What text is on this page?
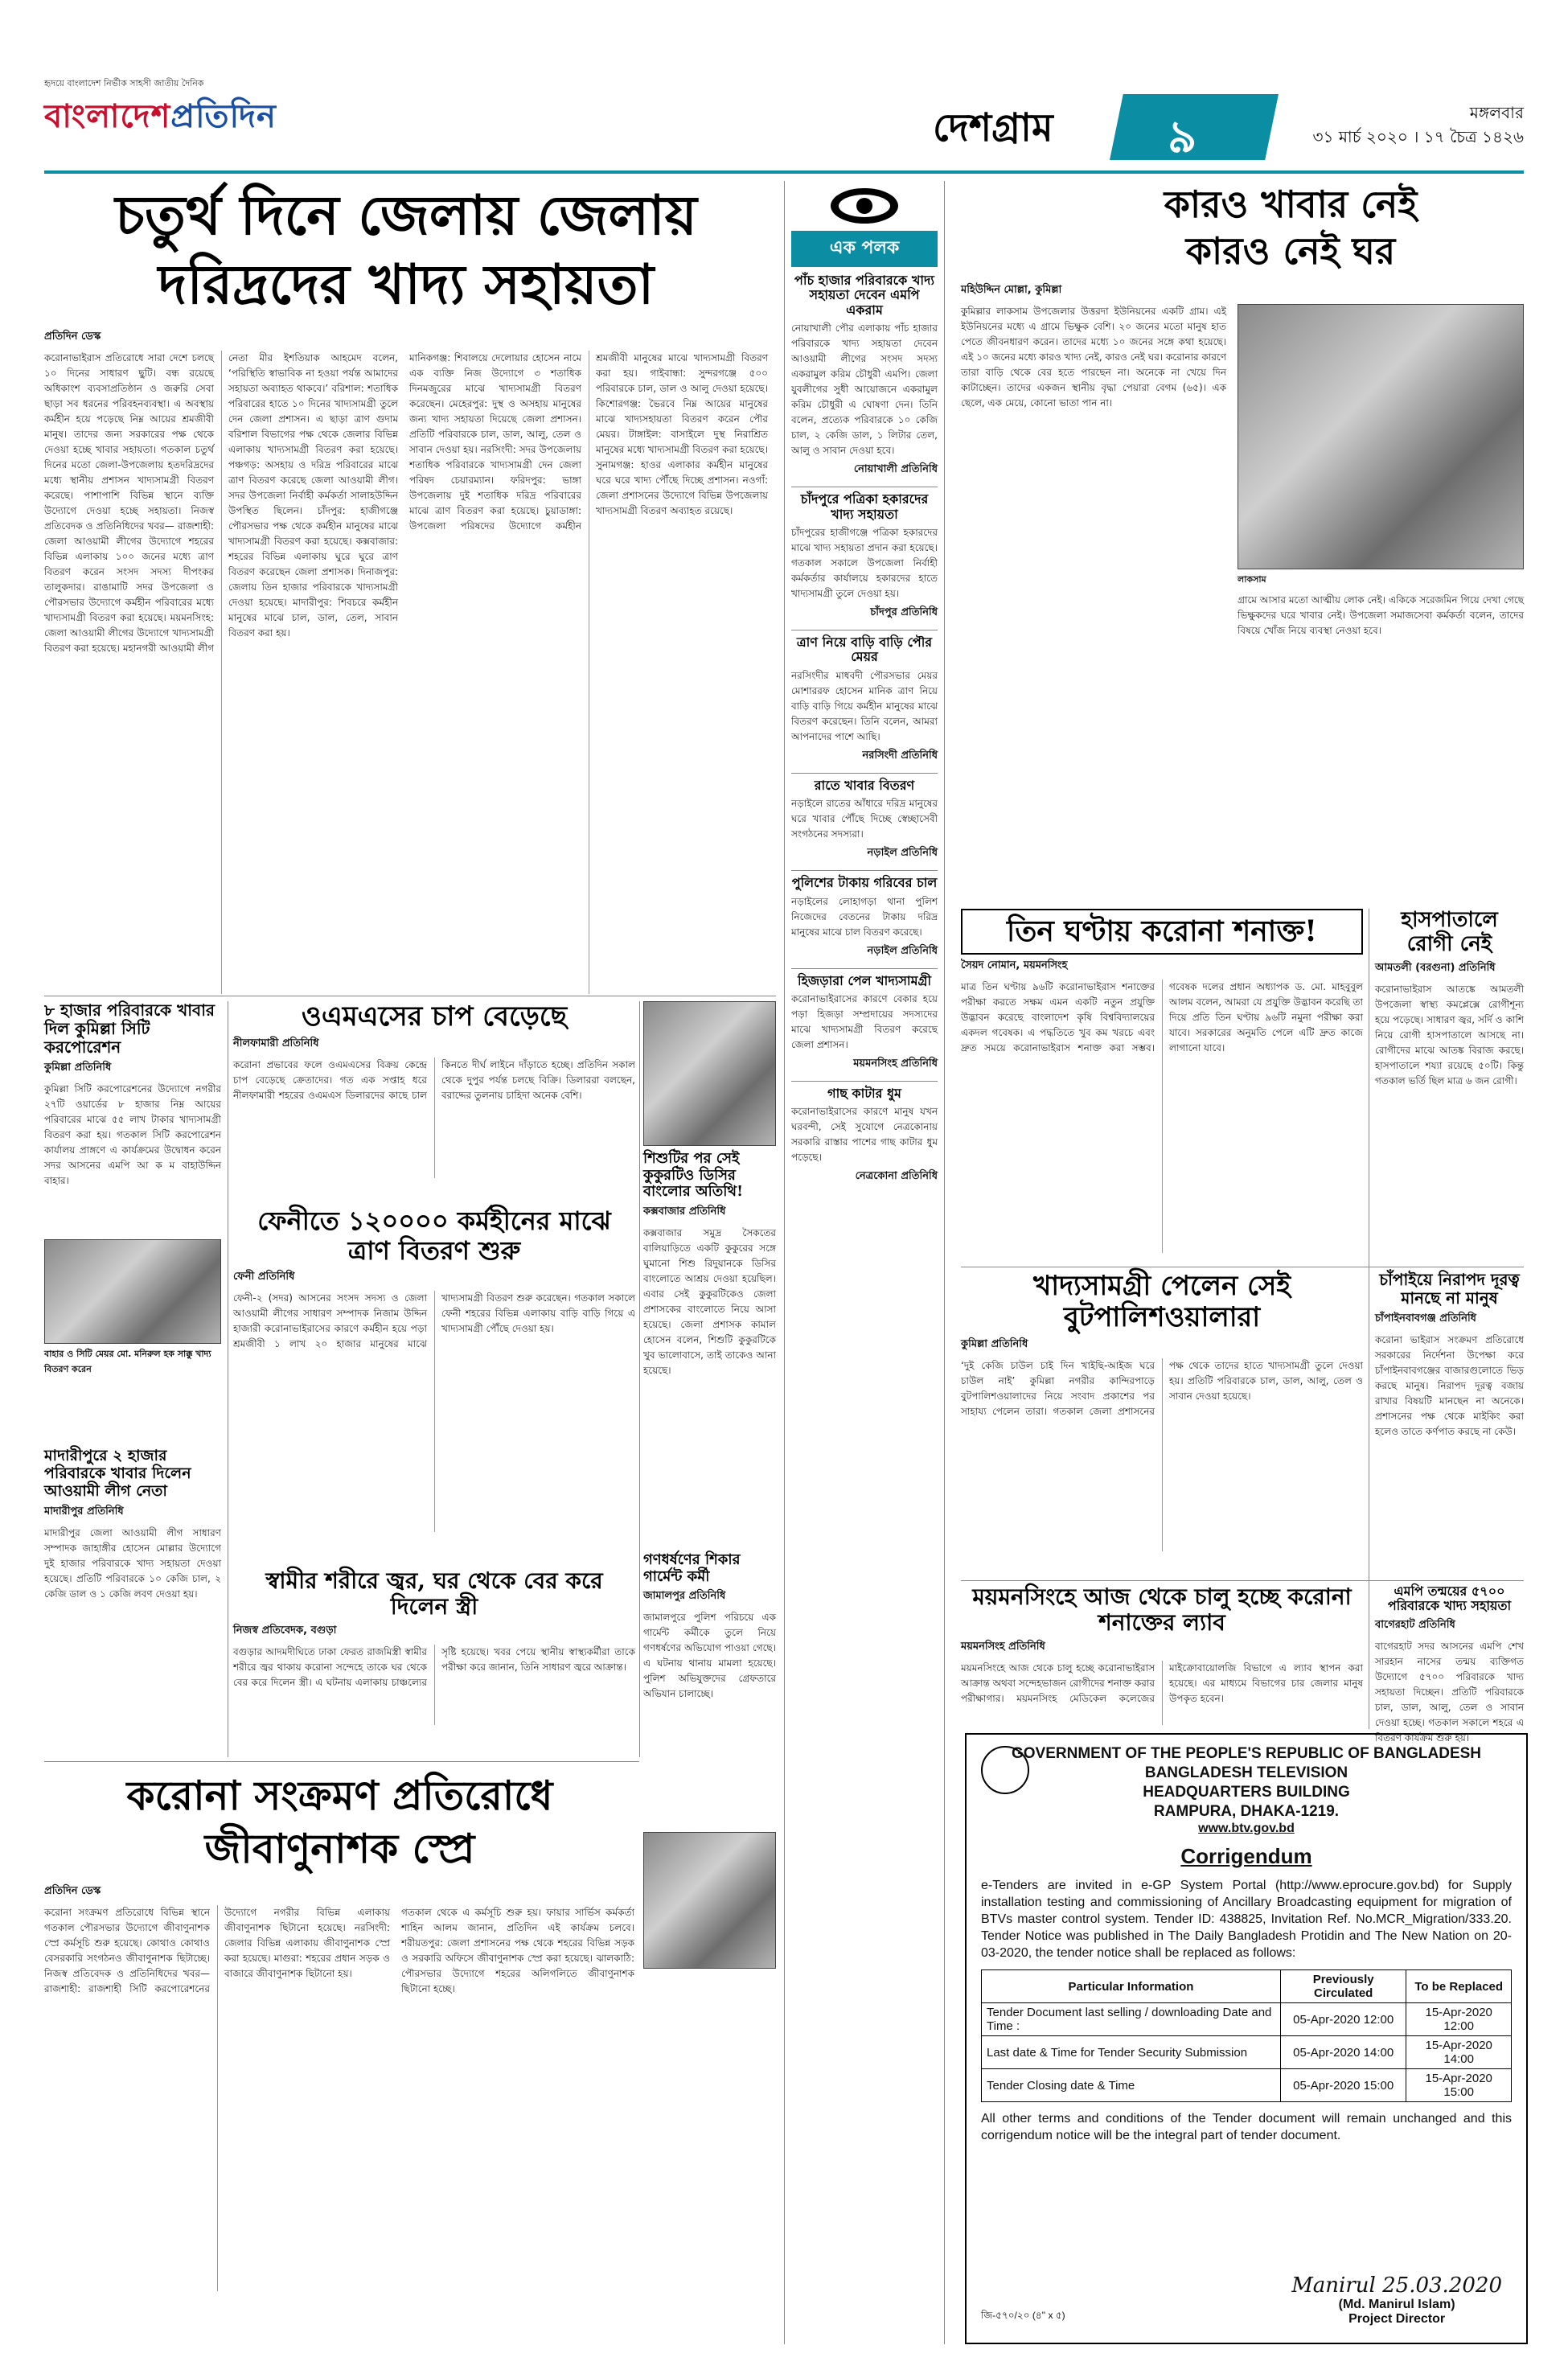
হৃদয়ে বাংলাদেশ নির্ভীক সাহসী জাতীয় দৈনিক
বাংলাদেশপ্রতিদিন	দেশগ্রাম	৯	মঙ্গলবার
৩১ মার্চ ২০২০ । ১৭ চৈত্র ১৪২৬
চতুর্থ দিনে জেলায় জেলায়
দরিদ্রদের খাদ্য সহায়তা
প্রতিদিন ডেস্ক
করোনাভাইরাস প্রতিরোধে সারা দেশে চলছে ১০ দিনের সাধারণ ছুটি। বন্ধ রয়েছে অধিকাংশ ব্যবসাপ্রতিষ্ঠান ও জরুরি সেবা ছাড়া সব ধরনের পরিবহনব্যবস্থা। এ অবস্থায় কর্মহীন হয়ে পড়েছে নিম্ন আয়ের শ্রমজীবী মানুষ। তাদের জন্য সরকারের পক্ষ থেকে দেওয়া হচ্ছে খাবার সহায়তা। গতকাল চতুর্থ দিনের মতো জেলা-উপজেলায় হতদরিদ্রদের মধ্যে স্থানীয় প্রশাসন খাদ্যসামগ্রী বিতরণ করেছে। পাশাপাশি বিভিন্ন স্থানে ব্যক্তি উদ্যোগে দেওয়া হচ্ছে সহায়তা। নিজস্ব প্রতিবেদক ও প্রতিনিধিদের খবর— রাজশাহী: জেলা আওয়ামী লীগের উদ্যোগে শহরের বিভিন্ন এলাকায় ১০০ জনের মধ্যে ত্রাণ বিতরণ করেন সংসদ সদস্য দীপংকর তালুকদার। রাঙামাটি সদর উপজেলা ও পৌরসভার উদ্যোগে কর্মহীন পরিবারের মধ্যে খাদ্যসামগ্রী বিতরণ করা হয়েছে। ময়মনসিংহ: জেলা আওয়ামী লীগের উদ্যোগে খাদ্যসামগ্রী বিতরণ করা হয়েছে। মহানগরী আওয়ামী লীগ নেতা মীর ইশতিয়াক আহমেদ বলেন, ‘পরিস্থিতি স্বাভাবিক না হওয়া পর্যন্ত আমাদের সহায়তা অব্যাহত থাকবে।’ বরিশাল: শতাধিক পরিবারের হাতে ১০ দিনের খাদ্যসামগ্রী তুলে দেন জেলা প্রশাসন। এ ছাড়া ত্রাণ গুদাম বরিশাল বিভাগের পক্ষ থেকে জেলার বিভিন্ন এলাকায় খাদ্যসামগ্রী বিতরণ করা হয়েছে। পঞ্চগড়: অসহায় ও দরিদ্র পরিবারের মাঝে ত্রাণ বিতরণ করেছে জেলা আওয়ামী লীগ। সদর উপজেলা নির্বাহী কর্মকর্তা সালাহউদ্দিন উপস্থিত ছিলেন। চাঁদপুর: হাজীগঞ্জে পৌরসভার পক্ষ থেকে কর্মহীন মানুষের মাঝে খাদ্যসামগ্রী বিতরণ করা হয়েছে। কক্সবাজার: শহরের বিভিন্ন এলাকায় ঘুরে ঘুরে ত্রাণ বিতরণ করেছেন জেলা প্রশাসক। দিনাজপুর: জেলায় তিন হাজার পরিবারকে খাদ্যসামগ্রী দেওয়া হয়েছে। মাদারীপুর: শিবচরে কর্মহীন মানুষের মাঝে চাল, ডাল, তেল, সাবান বিতরণ করা হয়।
মানিকগঞ্জ: শিবালয়ে দেলোয়ার হোসেন নামে এক ব্যক্তি নিজ উদ্যোগে ৩ শতাধিক দিনমজুরের মাঝে খাদ্যসামগ্রী বিতরণ করেছেন। মেহেরপুর: দুস্থ ও অসহায় মানুষের জন্য খাদ্য সহায়তা দিয়েছে জেলা প্রশাসন। প্রতিটি পরিবারকে চাল, ডাল, আলু, তেল ও সাবান দেওয়া হয়। নরসিংদী: সদর উপজেলায় শতাধিক পরিবারকে খাদ্যসামগ্রী দেন জেলা পরিষদ চেয়ারম্যান। ফরিদপুর: ভাঙ্গা উপজেলায় দুই শতাধিক দরিদ্র পরিবারের মাঝে ত্রাণ বিতরণ করা হয়েছে। চুয়াডাঙ্গা: উপজেলা পরিষদের উদ্যোগে কর্মহীন শ্রমজীবী মানুষের মাঝে খাদ্যসামগ্রী বিতরণ করা হয়। গাইবান্ধা: সুন্দরগঞ্জে ৫০০ পরিবারকে চাল, ডাল ও আলু দেওয়া হয়েছে। কিশোরগঞ্জ: ভৈরবে নিম্ন আয়ের মানুষের মাঝে খাদ্যসহায়তা বিতরণ করেন পৌর মেয়র। টাঙ্গাইল: বাসাইলে দুস্থ নিরাশ্রিত মানুষের মধ্যে খাদ্যসামগ্রী বিতরণ করা হয়েছে। সুনামগঞ্জ: হাওর এলাকার কর্মহীন মানুষের ঘরে ঘরে খাদ্য পৌঁছে দিচ্ছে প্রশাসন। নওগাঁ: জেলা প্রশাসনের উদ্যোগে বিভিন্ন উপজেলায় খাদ্যসামগ্রী বিতরণ অব্যাহত রয়েছে।
এক পলক
পাঁচ হাজার পরিবারকে খাদ্য সহায়তা দেবেন এমপি একরাম
নোয়াখালী পৌর এলাকায় পাঁচ হাজার পরিবারকে খাদ্য সহায়তা দেবেন আওয়ামী লীগের সংসদ সদস্য একরামুল করিম চৌধুরী এমপি। জেলা যুবলীগের সুধী আয়োজনে একরামুল করিম চৌধুরী এ ঘোষণা দেন। তিনি বলেন, প্রত্যেক পরিবারকে ১০ কেজি চাল, ২ কেজি ডাল, ১ লিটার তেল, আলু ও সাবান দেওয়া হবে।
নোয়াখালী প্রতিনিধি
চাঁদপুরে পত্রিকা হকারদের খাদ্য সহায়তা
চাঁদপুরের হাজীগঞ্জে পত্রিকা হকারদের মাঝে খাদ্য সহায়তা প্রদান করা হয়েছে। গতকাল সকালে উপজেলা নির্বাহী কর্মকর্তার কার্যালয়ে হকারদের হাতে খাদ্যসামগ্রী তুলে দেওয়া হয়।
চাঁদপুর প্রতিনিধি
ত্রাণ নিয়ে বাড়ি বাড়ি পৌর মেয়র
নরসিংদীর মাধবদী পৌরসভার মেয়র মোশাররফ হোসেন মানিক ত্রাণ নিয়ে বাড়ি বাড়ি গিয়ে কর্মহীন মানুষের মাঝে বিতরণ করেছেন। তিনি বলেন, আমরা আপনাদের পাশে আছি।
নরসিংদী প্রতিনিধি
রাতে খাবার বিতরণ
নড়াইলে রাতের আঁধারে দরিদ্র মানুষের ঘরে খাবার পৌঁছে দিচ্ছে স্বেচ্ছাসেবী সংগঠনের সদস্যরা।
নড়াইল প্রতিনিধি
পুলিশের টাকায় গরিবের চাল
নড়াইলের লোহাগড়া থানা পুলিশ নিজেদের বেতনের টাকায় দরিদ্র মানুষের মাঝে চাল বিতরণ করেছে।
নড়াইল প্রতিনিধি
হিজড়ারা পেল খাদ্যসামগ্রী
করোনাভাইরাসের কারণে বেকার হয়ে পড়া হিজড়া সম্প্রদায়ের সদস্যদের মাঝে খাদ্যসামগ্রী বিতরণ করেছে জেলা প্রশাসন।
ময়মনসিংহ প্রতিনিধি
গাছ কাটার ধুম
করোনাভাইরাসের কারণে মানুষ যখন ঘরবন্দী, সেই সুযোগে নেত্রকোনায় সরকারি রাস্তার পাশের গাছ কাটার ধুম পড়েছে।
নেত্রকোনা প্রতিনিধি
কারও খাবার নেই
কারও নেই ঘর
মহিউদ্দিন মোল্লা, কুমিল্লা
কুমিল্লার লাকসাম উপজেলার উত্তরদা ইউনিয়নের একটি গ্রাম। এই ইউনিয়নের মধ্যে এ গ্রামে ভিক্ষুক বেশি। ২০ জনের মতো মানুষ হাত পেতে জীবনধারণ করেন। তাদের মধ্যে ১০ জনের সঙ্গে কথা হয়েছে। এই ১০ জনের মধ্যে কারও খাদ্য নেই, কারও নেই ঘর। করোনার কারণে তারা বাড়ি থেকে বের হতে পারছেন না। অনেকে না খেয়ে দিন কাটাচ্ছেন। তাদের একজন স্থানীয় বৃদ্ধা পেয়ারা বেগম (৬৫)। এক ছেলে, এক মেয়ে, কোনো ভাতা পান না।
লাকসাম
গ্রামে আসার মতো আত্মীয় লোক নেই। একিকে সরেজমিন গিয়ে দেখা গেছে ভিক্ষুকদের ঘরে খাবার নেই। উপজেলা সমাজসেবা কর্মকর্তা বলেন, তাদের বিষয়ে খোঁজ নিয়ে ব্যবস্থা নেওয়া হবে।
তিন ঘণ্টায় করোনা শনাক্ত!
সৈয়দ নোমান, ময়মনসিংহ
মাত্র তিন ঘণ্টায় ৯৬টি করোনাভাইরাস শনাক্তের পরীক্ষা করতে সক্ষম এমন একটি নতুন প্রযুক্তি উদ্ভাবন করেছে বাংলাদেশ কৃষি বিশ্ববিদ্যালয়ের একদল গবেষক। এ পদ্ধতিতে খুব কম খরচে এবং দ্রুত সময়ে করোনাভাইরাস শনাক্ত করা সম্ভব। গবেষক দলের প্রধান অধ্যাপক ড. মো. মাহবুবুল আলম বলেন, আমরা যে প্রযুক্তি উদ্ভাবন করেছি তা দিয়ে প্রতি তিন ঘণ্টায় ৯৬টি নমুনা পরীক্ষা করা যাবে। সরকারের অনুমতি পেলে এটি দ্রুত কাজে লাগানো যাবে।
হাসপাতালে
রোগী নেই
আমতলী (বরগুনা) প্রতিনিধি
করোনাভাইরাস আতঙ্কে আমতলী উপজেলা স্বাস্থ্য কমপ্লেক্সে রোগীশূন্য হয়ে পড়েছে। সাধারণ জ্বর, সর্দি ও কাশি নিয়ে রোগী হাসপাতালে আসছে না। রোগীদের মাঝে আতঙ্ক বিরাজ করছে। হাসপাতালে শয্যা রয়েছে ৫০টি। কিন্তু গতকাল ভর্তি ছিল মাত্র ৬ জন রোগী।
খাদ্যসামগ্রী পেলেন সেই বুটপালিশওয়ালারা
কুমিল্লা প্রতিনিধি
‘দুই কেজি চাউল চাই দিন খাইছি-আইজ ঘরে চাউল নাই’ কুমিল্লা নগরীর কান্দিরপাড়ে বুটপালিশওয়ালাদের নিয়ে সংবাদ প্রকাশের পর সাহায্য পেলেন তারা। গতকাল জেলা প্রশাসনের পক্ষ থেকে তাদের হাতে খাদ্যসামগ্রী তুলে দেওয়া হয়। প্রতিটি পরিবারকে চাল, ডাল, আলু, তেল ও সাবান দেওয়া হয়েছে।
চাঁপাইয়ে নিরাপদ দূরত্ব মানছে না মানুষ
চাঁপাইনবাবগঞ্জ প্রতিনিধি
করোনা ভাইরাস সংক্রমণ প্রতিরোধে সরকারের নির্দেশনা উপেক্ষা করে চাঁপাইনবাবগঞ্জের বাজারগুলোতে ভিড় করছে মানুষ। নিরাপদ দূরত্ব বজায় রাখার বিষয়টি মানছেন না অনেকে। প্রশাসনের পক্ষ থেকে মাইকিং করা হলেও তাতে কর্ণপাত করছে না কেউ।
ময়মনসিংহে আজ থেকে চালু হচ্ছে করোনা শনাক্তের ল্যাব
ময়মনসিংহ প্রতিনিধি
ময়মনসিংহে আজ থেকে চালু হচ্ছে করোনাভাইরাস আক্রান্ত অথবা সন্দেহভাজন রোগীদের শনাক্ত করার পরীক্ষাগার। ময়মনসিংহ মেডিকেল কলেজের মাইক্রোবায়োলজি বিভাগে এ ল্যাব স্থাপন করা হয়েছে। এর মাধ্যমে বিভাগের চার জেলার মানুষ উপকৃত হবেন।
এমপি তন্ময়ের ৫৭০০ পরিবারকে খাদ্য সহায়তা
বাগেরহাট প্রতিনিধি
বাগেরহাট সদর আসনের এমপি শেখ সারহান নাসের তন্ময় ব্যক্তিগত উদ্যোগে ৫৭০০ পরিবারকে খাদ্য সহায়তা দিচ্ছেন। প্রতিটি পরিবারকে চাল, ডাল, আলু, তেল ও সাবান দেওয়া হচ্ছে। গতকাল সকালে শহরে এ বিতরণ কার্যক্রম শুরু হয়।
৮ হাজার পরিবারকে খাবার দিল কুমিল্লা সিটি করপোরেশন
কুমিল্লা প্রতিনিধি
কুমিল্লা সিটি করপোরেশনের উদ্যোগে নগরীর ২৭টি ওয়ার্ডের ৮ হাজার নিম্ন আয়ের পরিবারের মাঝে ৫৫ লাখ টাকার খাদ্যসামগ্রী বিতরণ করা হয়। গতকাল সিটি করপোরেশন কার্যালয় প্রাঙ্গণে এ কার্যক্রমের উদ্বোধন করেন সদর আসনের এমপি আ ক ম বাহাউদ্দিন বাহার।
বাহার ও সিটি মেয়র মো. মনিরুল হক সাক্কু খাদ্য বিতরণ করেন
মাদারীপুরে ২ হাজার পরিবারকে খাবার দিলেন আওয়ামী লীগ নেতা
মাদারীপুর প্রতিনিধি
মাদারীপুর জেলা আওয়ামী লীগ সাধারণ সম্পাদক জাহাঙ্গীর হোসেন মোল্লার উদ্যোগে দুই হাজার পরিবারকে খাদ্য সহায়তা দেওয়া হয়েছে। প্রতিটি পরিবারকে ১০ কেজি চাল, ২ কেজি ডাল ও ১ কেজি লবণ দেওয়া হয়।
ওএমএসের চাপ বেড়েছে
নীলফামারী প্রতিনিধি
করোনা প্রভাবের ফলে ওএমএসের বিক্রয় কেন্দ্রে চাপ বেড়েছে ক্রেতাদের। গত এক সপ্তাহ ধরে নীলফামারী শহরের ওএমএস ডিলারদের কাছে চাল কিনতে দীর্ঘ লাইনে দাঁড়াতে হচ্ছে। প্রতিদিন সকাল থেকে দুপুর পর্যন্ত চলছে বিক্রি। ডিলাররা বলছেন, বরাদ্দের তুলনায় চাহিদা অনেক বেশি।
ফেনীতে ১২০০০০ কর্মহীনের মাঝে ত্রাণ বিতরণ শুরু
ফেনী প্রতিনিধি
ফেনী-২ (সদর) আসনের সংসদ সদস্য ও জেলা আওয়ামী লীগের সাধারণ সম্পাদক নিজাম উদ্দিন হাজারী করোনাভাইরাসের কারণে কর্মহীন হয়ে পড়া শ্রমজীবী ১ লাখ ২০ হাজার মানুষের মাঝে খাদ্যসামগ্রী বিতরণ শুরু করেছেন। গতকাল সকালে ফেনী শহরের বিভিন্ন এলাকায় বাড়ি বাড়ি গিয়ে এ খাদ্যসামগ্রী পৌঁছে দেওয়া হয়।
স্বামীর শরীরে জ্বর, ঘর থেকে বের করে দিলেন স্ত্রী
নিজস্ব প্রতিবেদক, বগুড়া
বগুড়ার আদমদীঘিতে ঢাকা ফেরত রাজমিস্ত্রী স্বামীর শরীরে জ্বর থাকায় করোনা সন্দেহে তাকে ঘর থেকে বের করে দিলেন স্ত্রী। এ ঘটনায় এলাকায় চাঞ্চল্যের সৃষ্টি হয়েছে। খবর পেয়ে স্থানীয় স্বাস্থ্যকর্মীরা তাকে পরীক্ষা করে জানান, তিনি সাধারণ জ্বরে আক্রান্ত।
শিশুটির পর সেই কুকুরটিও ডিসির বাংলোর অতিথি!
কক্সবাজার প্রতিনিধি
কক্সবাজার সমুদ্র সৈকতের বালিয়াড়িতে একটি কুকুরের সঙ্গে ঘুমানো শিশু রিদুয়ানকে ডিসির বাংলোতে আশ্রয় দেওয়া হয়েছিল। এবার সেই কুকুরটিকেও জেলা প্রশাসকের বাংলোতে নিয়ে আসা হয়েছে। জেলা প্রশাসক কামাল হোসেন বলেন, শিশুটি কুকুরটিকে খুব ভালোবাসে, তাই তাকেও আনা হয়েছে।
গণধর্ষণের শিকার গার্মেন্ট কর্মী
জামালপুর প্রতিনিধি
জামালপুরে পুলিশ পরিচয়ে এক গার্মেন্ট কর্মীকে তুলে নিয়ে গণধর্ষণের অভিযোগ পাওয়া গেছে। এ ঘটনায় থানায় মামলা হয়েছে। পুলিশ অভিযুক্তদের গ্রেফতারে অভিযান চালাচ্ছে।
করোনা সংক্রমণ প্রতিরোধে
জীবাণুনাশক স্প্রে
প্রতিদিন ডেস্ক
করোনা সংক্রমণ প্রতিরোধে বিভিন্ন স্থানে গতকাল পৌরসভার উদ্যোগে জীবাণুনাশক স্প্রে কর্মসূচি শুরু হয়েছে। কোথাও কোথাও বেসরকারি সংগঠনও জীবাণুনাশক ছিটাচ্ছে। নিজস্ব প্রতিবেদক ও প্রতিনিধিদের খবর— রাজশাহী: রাজশাহী সিটি করপোরেশনের উদ্যোগে নগরীর বিভিন্ন এলাকায় জীবাণুনাশক ছিটানো হয়েছে। নরসিংদী: জেলার বিভিন্ন এলাকায় জীবাণুনাশক স্প্রে করা হয়েছে। মাগুরা: শহরের প্রধান সড়ক ও বাজারে জীবাণুনাশক ছিটানো হয়।
গতকাল থেকে এ কর্মসূচি শুরু হয়। ফায়ার সার্ভিস কর্মকর্তা শাহিন আলম জানান, প্রতিদিন এই কার্যক্রম চলবে। শরীয়তপুর: জেলা প্রশাসনের পক্ষ থেকে শহরের বিভিন্ন সড়ক ও সরকারি অফিসে জীবাণুনাশক স্প্রে করা হয়েছে। ঝালকাঠি: পৌরসভার উদ্যোগে শহরের অলিগলিতে জীবাণুনাশক ছিটানো হচ্ছে।
GOVERNMENT OF THE PEOPLE'S REPUBLIC OF BANGLADESH
BANGLADESH TELEVISION
HEADQUARTERS BUILDING
RAMPURA, DHAKA-1219.
www.btv.gov.bd
Corrigendum
e-Tenders are invited in e-GP System Portal (http://www.eprocure.gov.bd) for Supply installation testing and commissioning of Ancillary Broadcasting equipment for migration of BTVs master control system. Tender ID: 438825, Invitation Ref. No.MCR_Migration/333.20. Tender Notice was published in The Daily Bangladesh Protidin and The New Nation on 20-03-2020, the tender notice shall be replaced as follows:
Particular Information	Previously Circulated	To be Replaced
Tender Document last selling / downloading Date and Time :	05-Apr-2020 12:00	15-Apr-2020 12:00
Last date & Time for Tender Security Submission	05-Apr-2020 14:00	15-Apr-2020 14:00
Tender Closing date & Time	05-Apr-2020 15:00	15-Apr-2020 15:00
All other terms and conditions of the Tender document will remain unchanged and this corrigendum notice will be the integral part of tender document.
জি-৫৭০/২০ (৪'' x ৫)
Manirul 25.03.2020
(Md. Manirul Islam)
Project Director
